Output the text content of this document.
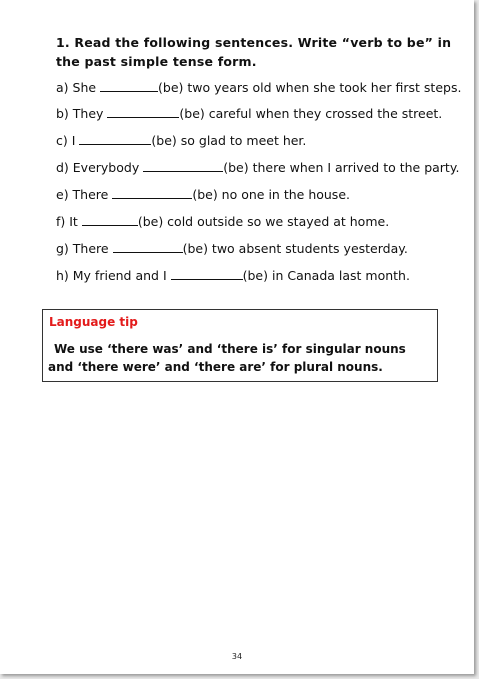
1. Read the following sentences. Write “verb to be” in the past simple tense form.
a) She	(be) two years old when she took her first steps.
b) They	(be) careful when they crossed the street.
c) I	(be) so glad to meet her.
d) Everybody	(be) there when I arrived to the party.
e) There	(be) no one in the house.
f) It	(be) cold outside so we stayed at home.
g) There	(be) two absent students yesterday.
h) My friend and I	(be) in Canada last month.
Language tip
We use ‘there was’ and ‘there is’ for singular nouns and ‘there were’ and ‘there are’ for plural nouns.
34
